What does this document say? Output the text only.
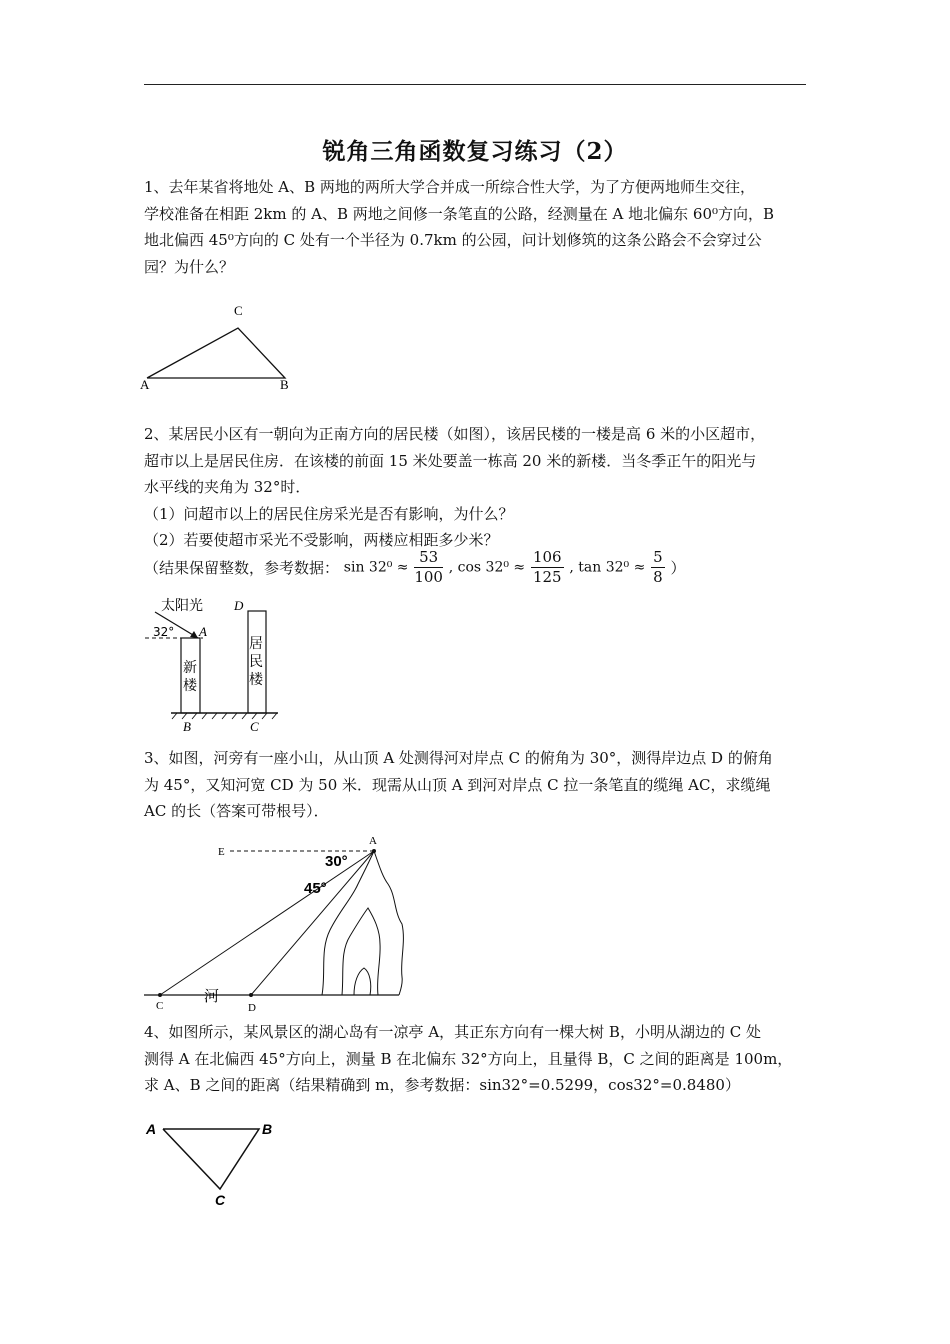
锐角三角函数复习练习（2）
1、去年某省将地处 A、B 两地的两所大学合并成一所综合性大学，为了方便两地师生交往，
学校准备在相距 2km 的 A、B 两地之间修一条笔直的公路，经测量在 A 地北偏东 60⁰方向，B
地北偏西 45⁰方向的 C 处有一个半径为 0.7km 的公园，问计划修筑的这条公路会不会穿过公
园？为什么？
C
A	B
2、某居民小区有一朝向为正南方向的居民楼（如图），该居民楼的一楼是高 6 米的小区超市，
超市以上是居民住房．在该楼的前面 15 米处要盖一栋高 20 米的新楼．当冬季正午的阳光与
水平线的夹角为 32°时．
（1）问超市以上的居民住房采光是否有影响，为什么？
（2）若要使超市采光不受影响，两楼应相距多少米？
（结果保留整数，参考数据： $\sin 32^0 \approx \frac{53}{100}$ , $\cos 32^0 \approx \frac{106}{125}$ , $\tan 32^0 \approx \frac{5}{8}$ ）
太阳光
32° A
D
B	C
新
楼
居
民
楼
3、如图，河旁有一座小山，从山顶 A 处测得河对岸点 C 的俯角为 30°，测得岸边点 D 的俯角
为 45°，又知河宽 CD 为 50 米．现需从山顶 A 到河对岸点 C 拉一条笔直的缆绳 AC，求缆绳
AC 的长（答案可带根号）．
E
A
30°
45°
C	D
河
4、如图所示，某风景区的湖心岛有一凉亭 A，其正东方向有一棵大树 B，小明从湖边的 C 处
测得 A 在北偏西 45°方向上，测量 B 在北偏东 32°方向上，且量得 B，C 之间的距离是 100m，
求 A、B 之间的距离（结果精确到 m，参考数据：sin32°=0.5299，cos32°=0.8480）
A	B
C
